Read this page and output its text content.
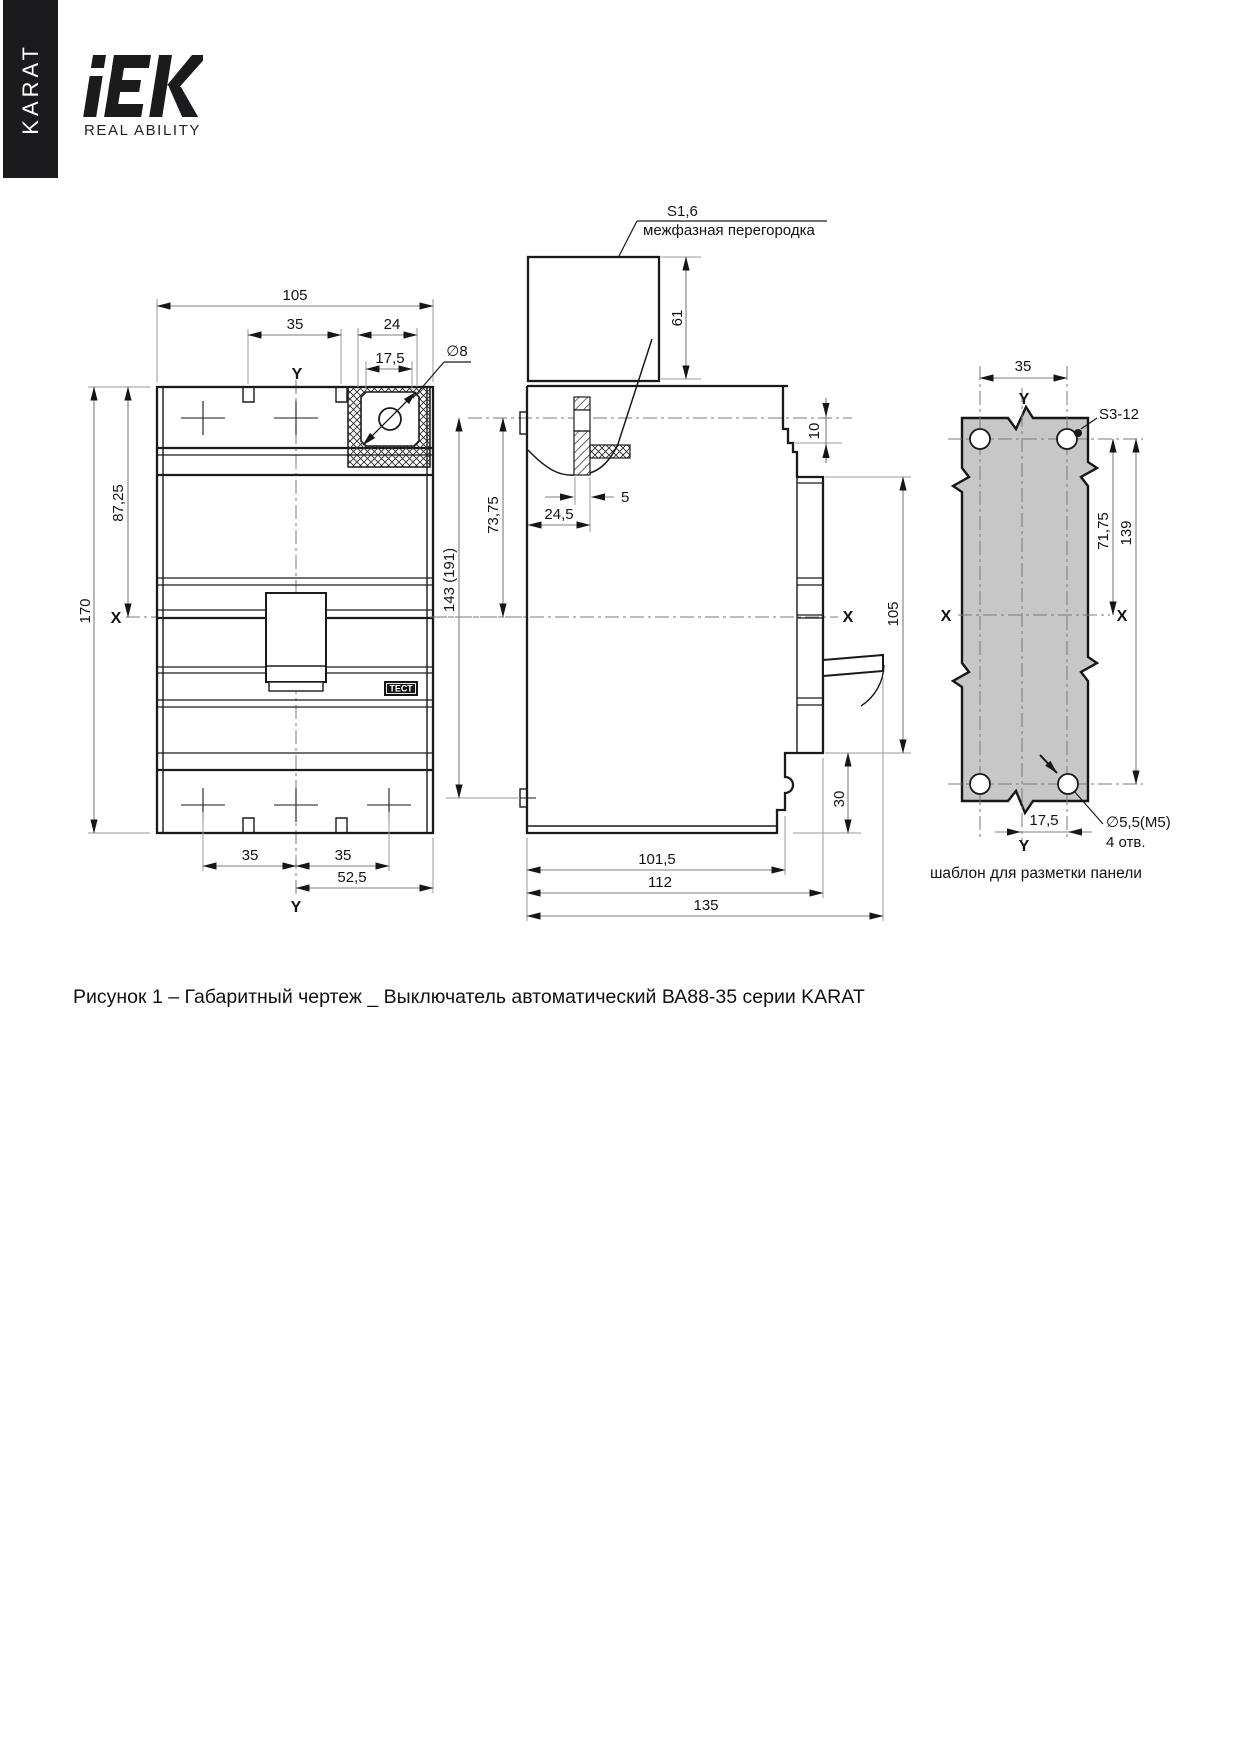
KARAT	REAL ABILITY
ТЕСТ
105
35	24
17,5	∅8
170
87,25
35	35
52,5
X
Y
Y
S1,6
межфазная перегородка
61
10
73,75
143 (191)
5
24,5
105
30
101,5
112
135
X
35
S3-12
71,75 139
17,5	∅5,5(M5)
4 отв.
X	X
Y
Y
шаблон для разметки панели
Рисунок 1 – Габаритный чертеж _ Выключатель автоматический ВА88-35 серии KARAT
